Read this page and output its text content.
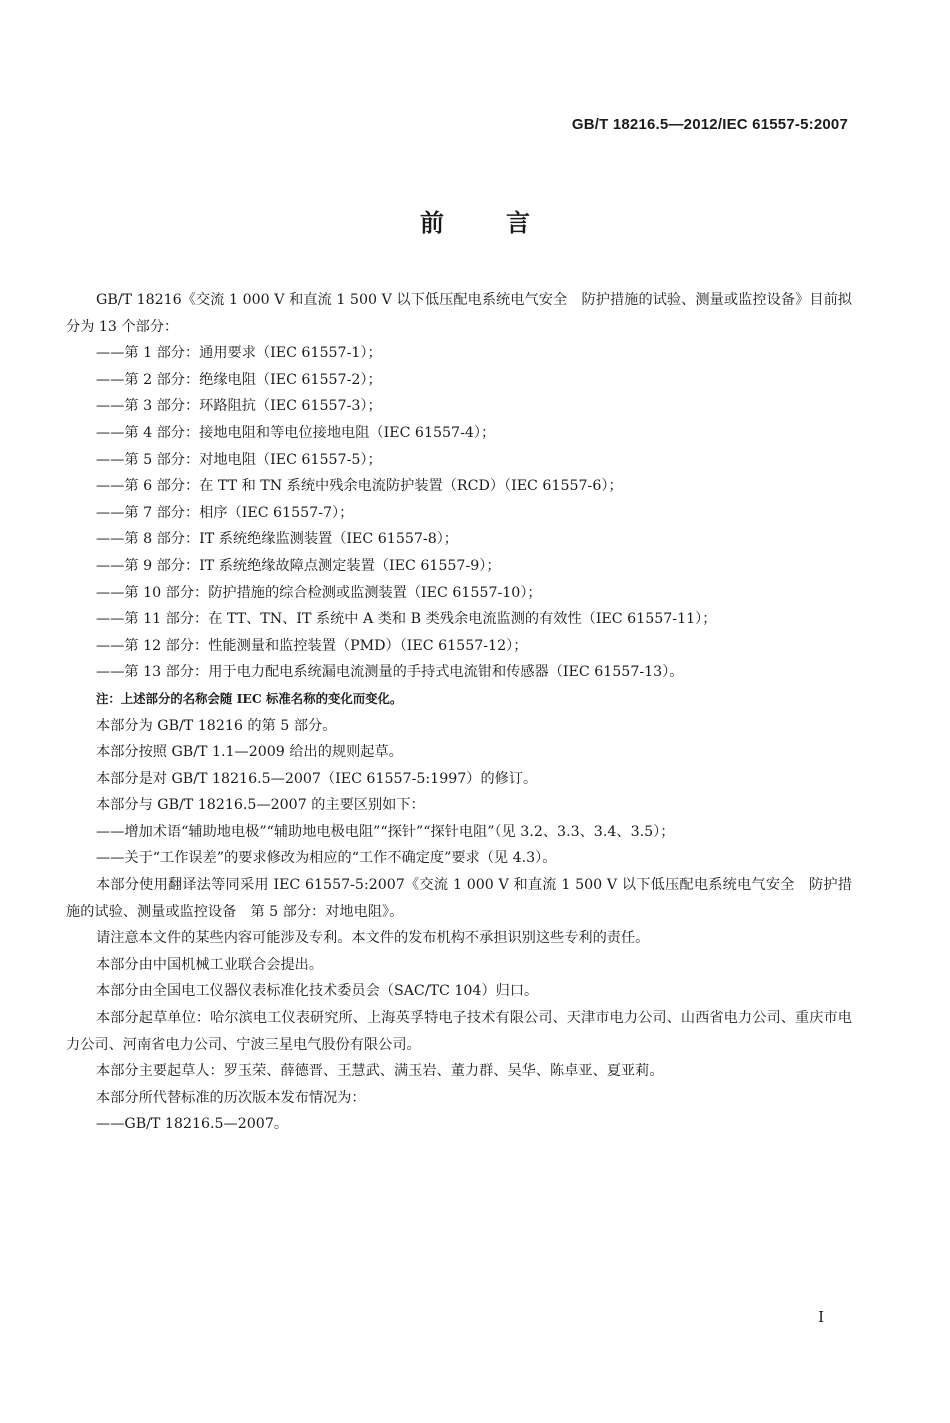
GB/T 18216.5—2012/IEC 61557-5:2007
前言

GB/T 18216《交流 1 000 V 和直流 1 500 V 以下低压配电系统电气安全　防护措施的试验、测量或监控设备》目前拟分为 13 个部分：

——第 1 部分：通用要求（IEC 61557-1）；

——第 2 部分：绝缘电阻（IEC 61557-2）；

——第 3 部分：环路阻抗（IEC 61557-3）；

——第 4 部分：接地电阻和等电位接地电阻（IEC 61557-4）；

——第 5 部分：对地电阻（IEC 61557-5）；

——第 6 部分：在 TT 和 TN 系统中残余电流防护装置（RCD）（IEC 61557-6）；

——第 7 部分：相序（IEC 61557-7）；

——第 8 部分：IT 系统绝缘监测装置（IEC 61557-8）；

——第 9 部分：IT 系统绝缘故障点测定装置（IEC 61557-9）；

——第 10 部分：防护措施的综合检测或监测装置（IEC 61557-10）；

——第 11 部分：在 TT、TN、IT 系统中 A 类和 B 类残余电流监测的有效性（IEC 61557-11）；

——第 12 部分：性能测量和监控装置（PMD）（IEC 61557-12）；

——第 13 部分：用于电力配电系统漏电流测量的手持式电流钳和传感器（IEC 61557-13）。

注：上述部分的名称会随 IEC 标准名称的变化而变化。

本部分为 GB/T 18216 的第 5 部分。

本部分按照 GB/T 1.1—2009 给出的规则起草。

本部分是对 GB/T 18216.5—2007（IEC 61557-5:1997）的修订。

本部分与 GB/T 18216.5—2007 的主要区别如下：

——增加术语“辅助地电极”“辅助地电极电阻”“探针”“探针电阻”（见 3.2、3.3、3.4、3.5）；

——关于“工作误差”的要求修改为相应的“工作不确定度”要求（见 4.3）。

本部分使用翻译法等同采用 IEC 61557-5:2007《交流 1 000 V 和直流 1 500 V 以下低压配电系统电气安全　防护措施的试验、测量或监控设备　第 5 部分：对地电阻》。

请注意本文件的某些内容可能涉及专利。本文件的发布机构不承担识别这些专利的责任。

本部分由中国机械工业联合会提出。

本部分由全国电工仪器仪表标准化技术委员会（SAC/TC 104）归口。

本部分起草单位：哈尔滨电工仪表研究所、上海英孚特电子技术有限公司、天津市电力公司、山西省电力公司、重庆市电力公司、河南省电力公司、宁波三星电气股份有限公司。

本部分主要起草人：罗玉荣、薛德晋、王慧武、满玉岩、董力群、吴华、陈卓亚、夏亚莉。

本部分所代替标准的历次版本发布情况为：

——GB/T 18216.5—2007。

I
